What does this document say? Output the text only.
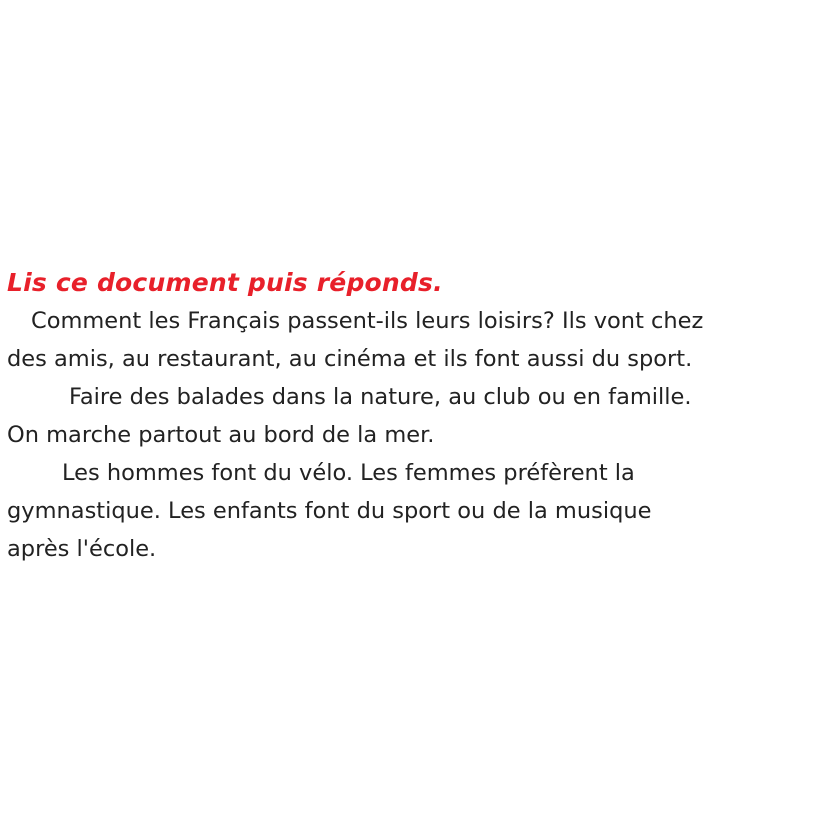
Lis ce document puis réponds.
Comment les Français passent-ils leurs loisirs? Ils vont chez
des amis, au restaurant, au cinéma et ils font aussi du sport.
Faire des balades dans la nature, au club ou en famille.
On marche partout au bord de la mer.
Les hommes font du vélo. Les femmes préfèrent la
gymnastique. Les enfants font du sport ou de la musique
après l'école.
